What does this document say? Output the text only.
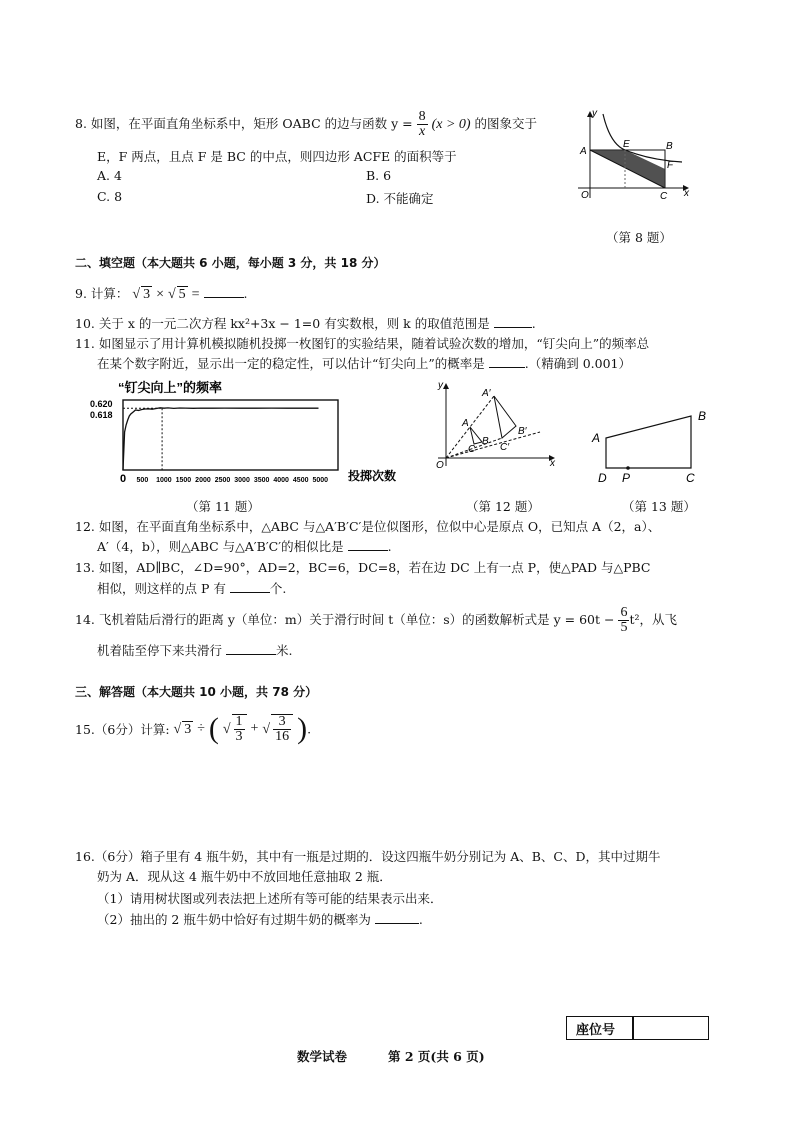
8. 如图，在平面直角坐标系中，矩形 OABC 的边与函数 $y = \frac{8}{x} (x > 0)$ 的图象交于
E，F 两点，且点 F 是 BC 的中点，则四边形 ACFE 的面积等于
A. 4	B. 6
C. 8	D. 不能确定
y
x
A
E	B
F
O	C
（第 8 题）
二、填空题（本大题共 6 小题，每小题 3 分，共 18 分）
9. 计算： √ 3 × √ 5 =	.
10. 关于 x 的一元二次方程 kx²+3x − 1=0 有实数根，则 k 的取值范围是	.
11. 如图显示了用计算机模拟随机投掷一枚图钉的实验结果，随着试验次数的增加，“钉尖向上”的频率总
在某个数字附近，显示出一定的稳定性，可以估计“钉尖向上”的概率是	.（精确到 0.001）
“钉尖向上”的频率
0 500 1000 1500 2000 2500 3000 3500 4000 4500 5000
0.620
0.618
投掷次数
（第 11 题）
y
x
O
A
B
C
A′
B′
C′
（第 12 题）
A
B
D P	C
（第 13 题）
12. 如图，在平面直角坐标系中，△ABC 与△A′B′C′是位似图形，位似中心是原点 O，已知点 A（2，a）、
A′（4，b），则△ABC 与△A′B′C′的相似比是	.
13. 如图，AD∥BC，∠D=90°，AD=2，BC=6，DC=8，若在边 DC 上有一点 P，使△PAD 与△PBC
相似，则这样的点 P 有	个.
14. 飞机着陆后滑行的距离 y（单位：m）关于滑行时间 t（单位：s）的函数解析式是 $y = 60t - \frac{6}{5} t^2$，从飞
机着陆至停下来共滑行	米.
三、解答题（本大题共 10 小题，共 78 分）
15.（6分）计算: √ 3 ÷ ( √ $\frac{1}{3}$ + √ $\frac{3}{16}$ ).
16.（6分）箱子里有 4 瓶牛奶，其中有一瓶是过期的．设这四瓶牛奶分别记为 A、B、C、D，其中过期牛
奶为 A．现从这 4 瓶牛奶中不放回地任意抽取 2 瓶．
（1）请用树状图或列表法把上述所有等可能的结果表示出来．
（2）抽出的 2 瓶牛奶中恰好有过期牛奶的概率为	.
座位号
数学试卷	第 2 页(共 6 页)
